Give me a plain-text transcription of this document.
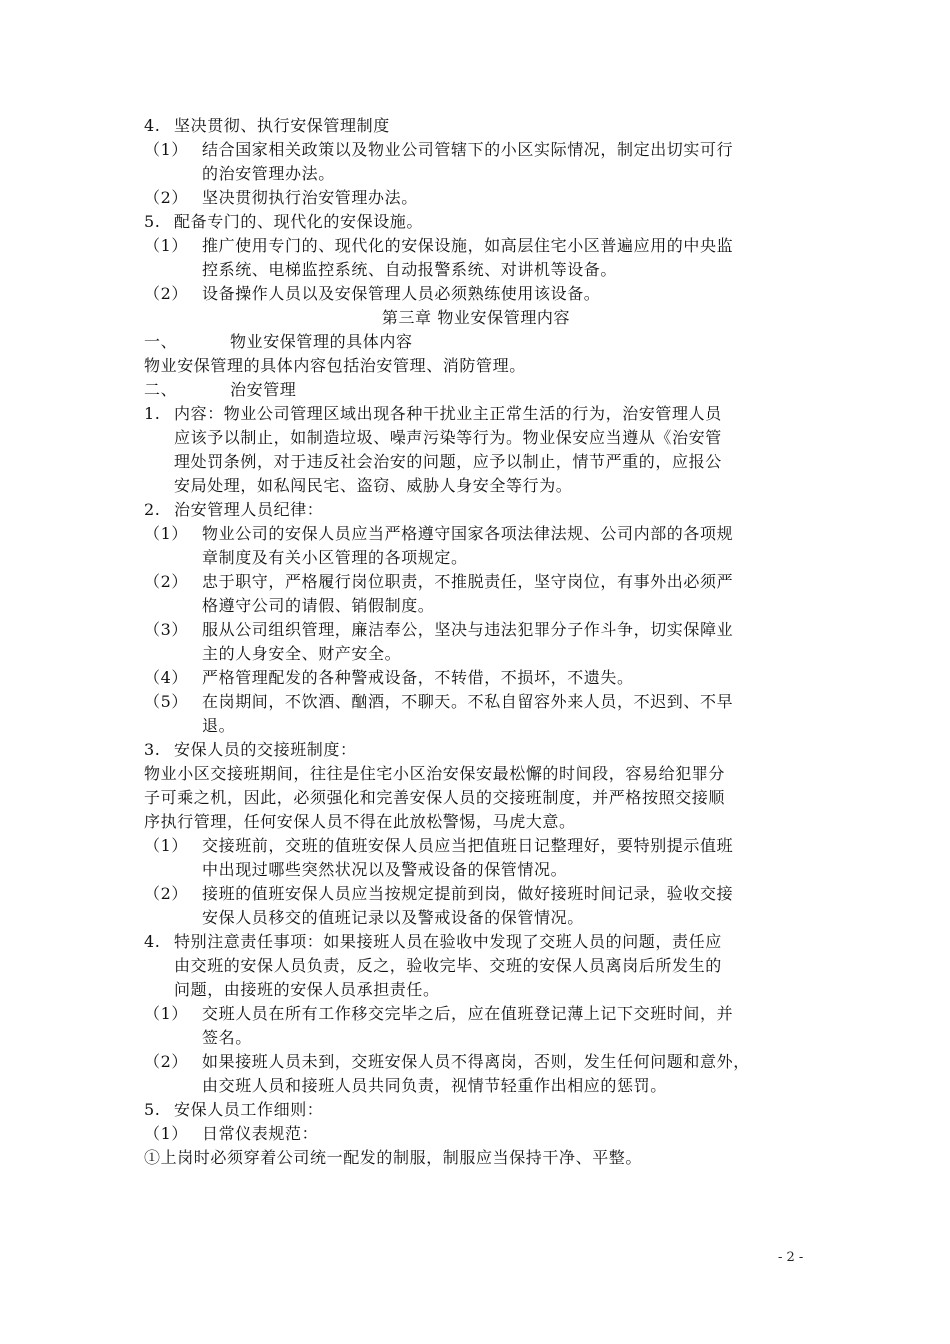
4. 坚决贯彻、执行安保管理制度
（1） 结合国家相关政策以及物业公司管辖下的小区实际情况，制定出切实可行
的治安管理办法。
（2） 坚决贯彻执行治安管理办法。
5. 配备专门的、现代化的安保设施。
（1） 推广使用专门的、现代化的安保设施，如高层住宅小区普遍应用的中央监
控系统、电梯监控系统、自动报警系统、对讲机等设备。
（2） 设备操作人员以及安保管理人员必须熟练使用该设备。
第三章 物业安保管理内容
一、	物业安保管理的具体内容
物业安保管理的具体内容包括治安管理、消防管理。
二、	治安管理
1. 内容：物业公司管理区域出现各种干扰业主正常生活的行为，治安管理人员
应该予以制止，如制造垃圾、噪声污染等行为。物业保安应当遵从《治安管
理处罚条例，对于违反社会治安的问题，应予以制止，情节严重的，应报公
安局处理，如私闯民宅、盗窃、威胁人身安全等行为。
2. 治安管理人员纪律：
（1） 物业公司的安保人员应当严格遵守国家各项法律法规、公司内部的各项规
章制度及有关小区管理的各项规定。
（2） 忠于职守，严格履行岗位职责，不推脱责任，坚守岗位，有事外出必须严
格遵守公司的请假、销假制度。
（3） 服从公司组织管理，廉洁奉公，坚决与违法犯罪分子作斗争，切实保障业
主的人身安全、财产安全。
（4） 严格管理配发的各种警戒设备，不转借，不损坏，不遗失。
（5） 在岗期间，不饮酒、酗酒，不聊天。不私自留容外来人员，不迟到、不早
退。
3. 安保人员的交接班制度：
物业小区交接班期间，往往是住宅小区治安保安最松懈的时间段，容易给犯罪分
子可乘之机，因此，必须强化和完善安保人员的交接班制度，并严格按照交接顺
序执行管理，任何安保人员不得在此放松警惕，马虎大意。
（1） 交接班前，交班的值班安保人员应当把值班日记整理好，要特别提示值班
中出现过哪些突然状况以及警戒设备的保管情况。
（2） 接班的值班安保人员应当按规定提前到岗，做好接班时间记录，验收交接
安保人员移交的值班记录以及警戒设备的保管情况。
4. 特别注意责任事项：如果接班人员在验收中发现了交班人员的问题，责任应
由交班的安保人员负责，反之，验收完毕、交班的安保人员离岗后所发生的
问题，由接班的安保人员承担责任。
（1） 交班人员在所有工作移交完毕之后，应在值班登记薄上记下交班时间，并
签名。
（2） 如果接班人员未到，交班安保人员不得离岗，否则，发生任何问题和意外，
由交班人员和接班人员共同负责，视情节轻重作出相应的惩罚。
5. 安保人员工作细则：
（1） 日常仪表规范：
①上岗时必须穿着公司统一配发的制服，制服应当保持干净、平整。
- 2 -
